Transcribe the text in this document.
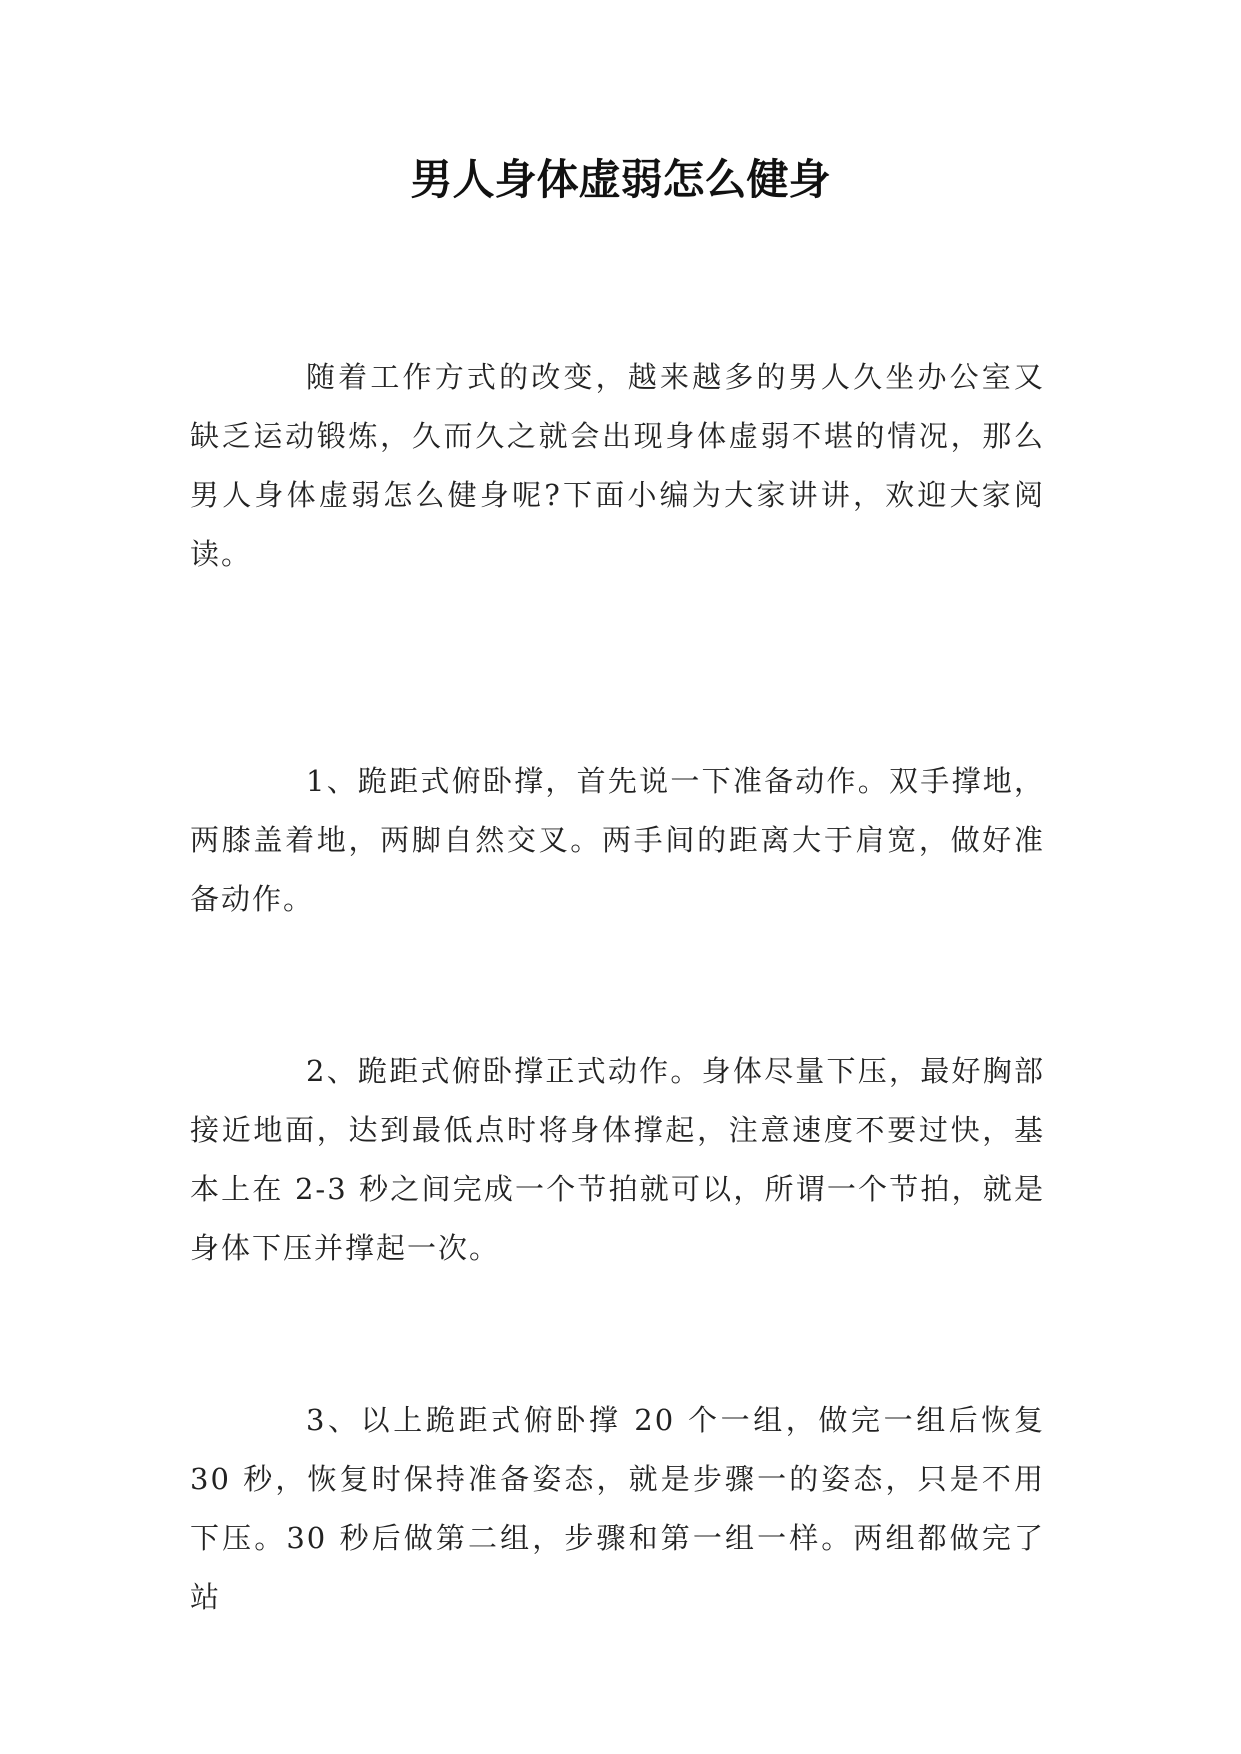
男人身体虚弱怎么健身

随着工作方式的改变，越来越多的男人久坐办公室又缺乏运动锻炼，久而久之就会出现身体虚弱不堪的情况，那么男人身体虚弱怎么健身呢?下面小编为大家讲讲，欢迎大家阅读。

1、跪距式俯卧撑，首先说一下准备动作。双手撑地，两膝盖着地，两脚自然交叉。两手间的距离大于肩宽，做好准备动作。

2、跪距式俯卧撑正式动作。身体尽量下压，最好胸部接近地面，达到最低点时将身体撑起，注意速度不要过快，基本上在 2-3 秒之间完成一个节拍就可以，所谓一个节拍，就是身体下压并撑起一次。

3、以上跪距式俯卧撑 20 个一组，做完一组后恢复 30 秒，恢复时保持准备姿态，就是步骤一的姿态，只是不用下压。30 秒后做第二组，步骤和第一组一样。两组都做完了站
